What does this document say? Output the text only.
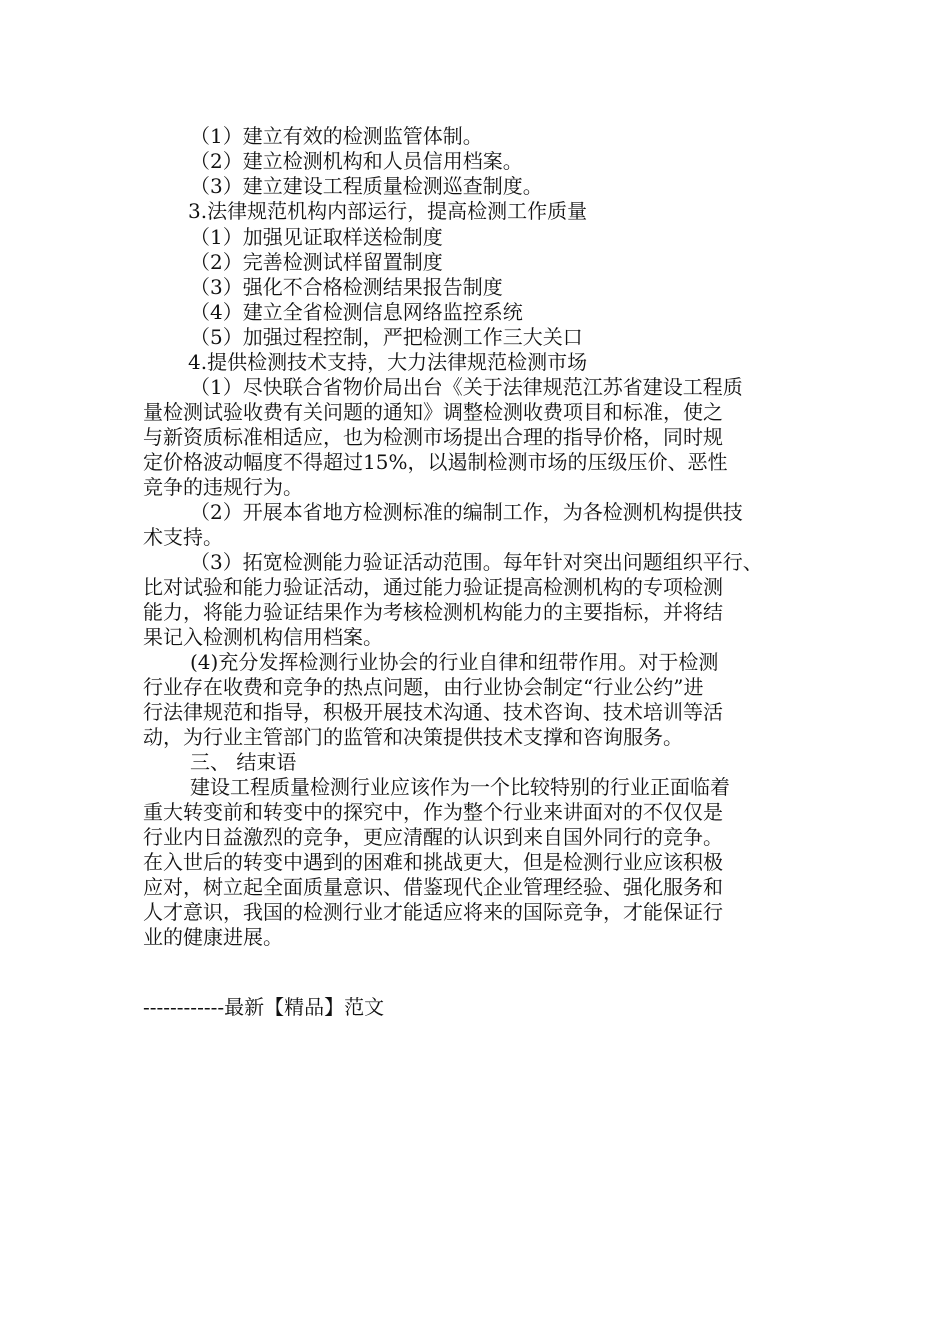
（1）建立有效的检测监管体制。
（2）建立检测机构和人员信用档案。
（3）建立建设工程质量检测巡查制度。
3.法律规范机构内部运行，提高检测工作质量
（1）加强见证取样送检制度
（2）完善检测试样留置制度
（3）强化不合格检测结果报告制度
（4）建立全省检测信息网络监控系统
（5）加强过程控制，严把检测工作三大关口
4.提供检测技术支持，大力法律规范检测市场
（1）尽快联合省物价局出台《关于法律规范江苏省建设工程质
量检测试验收费有关问题的通知》调整检测收费项目和标准，使之
与新资质标准相适应，也为检测市场提出合理的指导价格，同时规
定价格波动幅度不得超过15%，以遏制检测市场的压级压价、恶性
竞争的违规行为。
（2）开展本省地方检测标准的编制工作，为各检测机构提供技
术支持。
（3）拓宽检测能力验证活动范围。每年针对突出问题组织平行、
比对试验和能力验证活动，通过能力验证提高检测机构的专项检测
能力，将能力验证结果作为考核检测机构能力的主要指标，并将结
果记入检测机构信用档案。
(4)充分发挥检测行业协会的行业自律和纽带作用。对于检测
行业存在收费和竞争的热点问题，由行业协会制定“行业公约”进
行法律规范和指导，积极开展技术沟通、技术咨询、技术培训等活
动，为行业主管部门的监管和决策提供技术支撑和咨询服务。
三、 结束语
建设工程质量检测行业应该作为一个比较特别的行业正面临着
重大转变前和转变中的探究中，作为整个行业来讲面对的不仅仅是
行业内日益激烈的竞争，更应清醒的认识到来自国外同行的竞争。
在入世后的转变中遇到的困难和挑战更大，但是检测行业应该积极
应对，树立起全面质量意识、借鉴现代企业管理经验、强化服务和
人才意识，我国的检测行业才能适应将来的国际竞争，才能保证行
业的健康进展。
------------最新【精品】范文
